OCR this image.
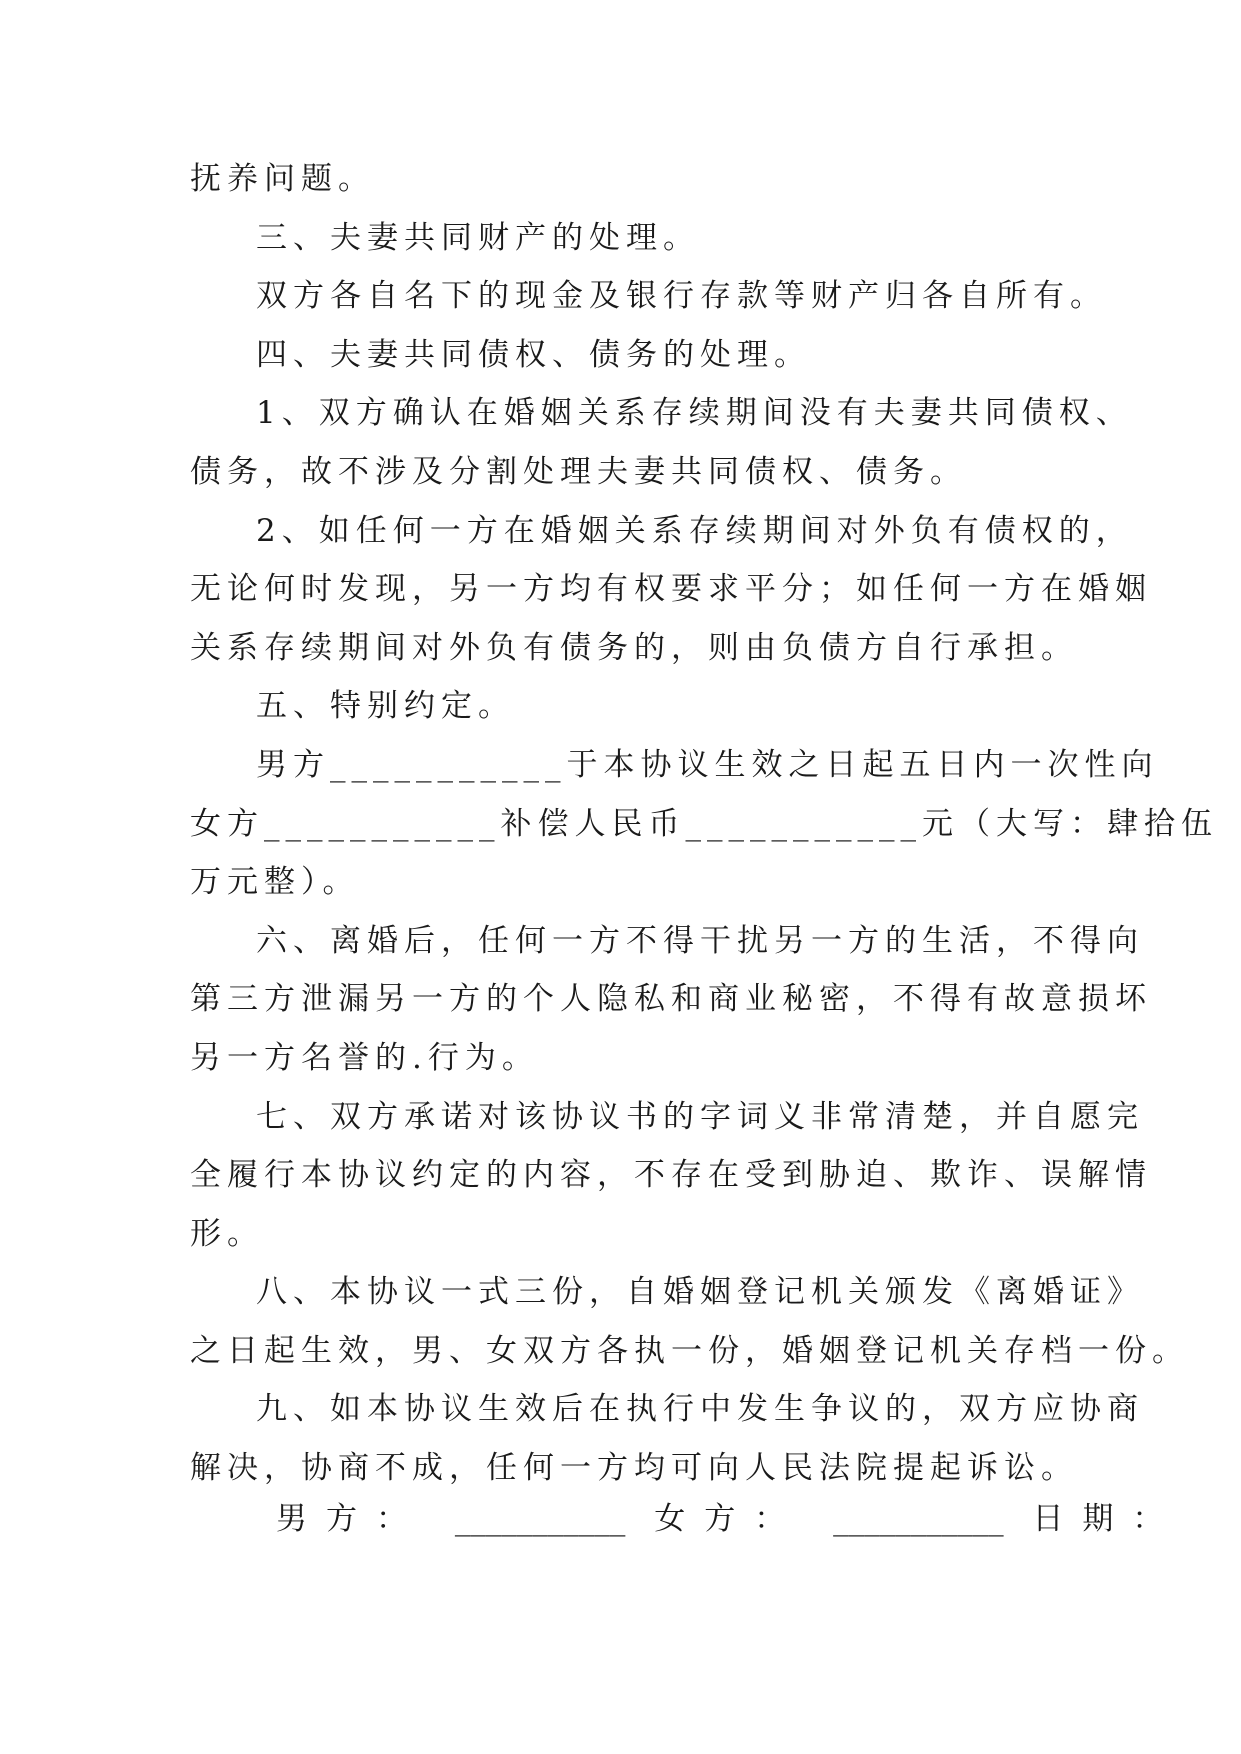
抚养问题。
三、夫妻共同财产的处理。
双方各自名下的现金及银行存款等财产归各自所有。
四、夫妻共同债权、债务的处理。
1、双方确认在婚姻关系存续期间没有夫妻共同债权、
债务，故不涉及分割处理夫妻共同债权、债务。
2、如任何一方在婚姻关系存续期间对外负有债权的，
无论何时发现，另一方均有权要求平分；如任何一方在婚姻
关系存续期间对外负有债务的，则由负债方自行承担。
五、特别约定。
男方___________于本协议生效之日起五日内一次性向
女方___________补偿人民币___________元（大写：肆拾伍
万元整）。
六、离婚后，任何一方不得干扰另一方的生活，不得向
第三方泄漏另一方的个人隐私和商业秘密，不得有故意损坏
另一方名誉的.行为。
七、双方承诺对该协议书的字词义非常清楚，并自愿完
全履行本协议约定的内容，不存在受到胁迫、欺诈、误解情
形。
八、本协议一式三份，自婚姻登记机关颁发《离婚证》
之日起生效，男、女双方各执一份，婚姻登记机关存档一份。
九、如本协议生效后在执行中发生争议的，双方应协商
解决，协商不成，任何一方均可向人民法院提起诉讼。
男方： ___________ 女方： ___________ 日期：
